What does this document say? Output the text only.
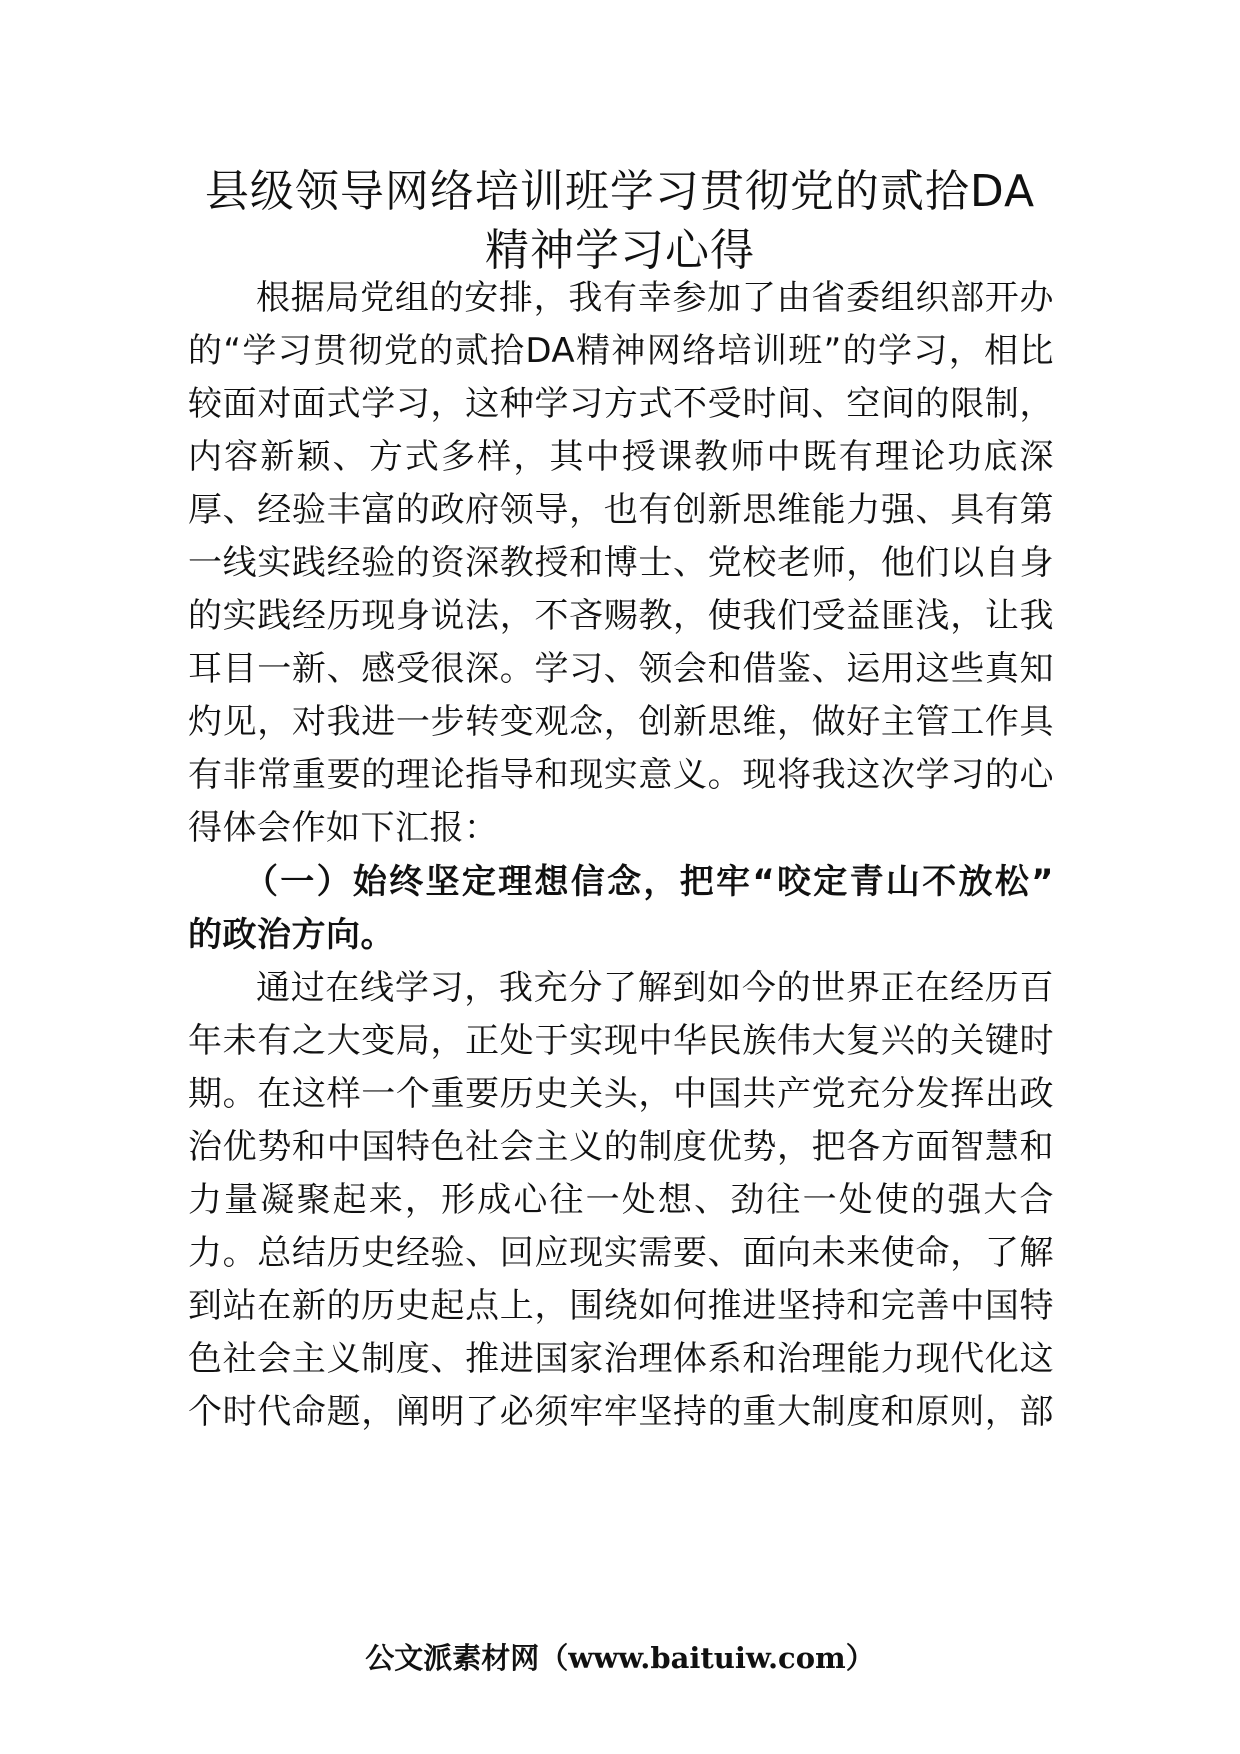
县级领导网络培训班学习贯彻党的贰拾DA
精神学习心得
根据局党组的安排，我有幸参加了由省委组织部开办
的“学习贯彻党的贰拾DA精神网络培训班”的学习，相比
较面对面式学习，这种学习方式不受时间、空间的限制，
内容新颖、方式多样，其中授课教师中既有理论功底深
厚、经验丰富的政府领导，也有创新思维能力强、具有第
一线实践经验的资深教授和博士、党校老师，他们以自身
的实践经历现身说法，不吝赐教，使我们受益匪浅，让我
耳目一新、感受很深。学习、领会和借鉴、运用这些真知
灼见，对我进一步转变观念，创新思维，做好主管工作具
有非常重要的理论指导和现实意义。现将我这次学习的心
得体会作如下汇报：
（一）始终坚定理想信念，把牢“咬定青山不放松”
的政治方向。
通过在线学习，我充分了解到如今的世界正在经历百
年未有之大变局，正处于实现中华民族伟大复兴的关键时
期。在这样一个重要历史关头，中国共产党充分发挥出政
治优势和中国特色社会主义的制度优势，把各方面智慧和
力量凝聚起来，形成心往一处想、劲往一处使的强大合
力。总结历史经验、回应现实需要、面向未来使命，了解
到站在新的历史起点上，围绕如何推进坚持和完善中国特
色社会主义制度、推进国家治理体系和治理能力现代化这
个时代命题，阐明了必须牢牢坚持的重大制度和原则，部
公文派素材网（www.baituiw.com）
